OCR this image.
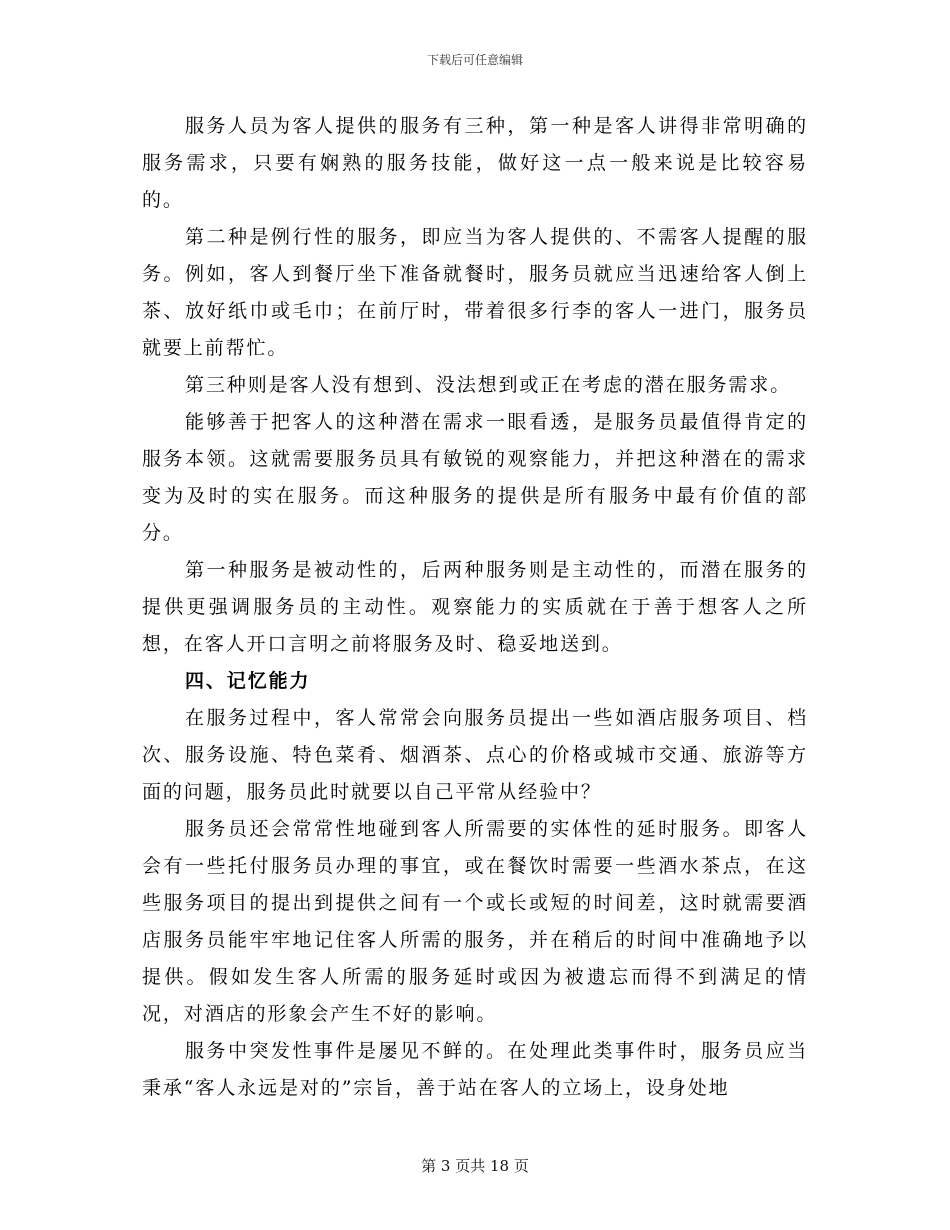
下载后可任意编辑

服务人员为客人提供的服务有三种，第一种是客人讲得非常明确的服务需求，只要有娴熟的服务技能，做好这一点一般来说是比较容易的。

第二种是例行性的服务，即应当为客人提供的、不需客人提醒的服务。例如，客人到餐厅坐下准备就餐时，服务员就应当迅速给客人倒上茶、放好纸巾或毛巾；在前厅时，带着很多行李的客人一进门，服务员就要上前帮忙。

第三种则是客人没有想到、没法想到或正在考虑的潜在服务需求。

能够善于把客人的这种潜在需求一眼看透，是服务员最值得肯定的服务本领。这就需要服务员具有敏锐的观察能力，并把这种潜在的需求变为及时的实在服务。而这种服务的提供是所有服务中最有价值的部分。

第一种服务是被动性的，后两种服务则是主动性的，而潜在服务的提供更强调服务员的主动性。观察能力的实质就在于善于想客人之所想，在客人开口言明之前将服务及时、稳妥地送到。

四、记忆能力

在服务过程中，客人常常会向服务员提出一些如酒店服务项目、档次、服务设施、特色菜肴、烟酒茶、点心的价格或城市交通、旅游等方面的问题，服务员此时就要以自己平常从经验中？

服务员还会常常性地碰到客人所需要的实体性的延时服务。即客人会有一些托付服务员办理的事宜，或在餐饮时需要一些酒水茶点，在这些服务项目的提出到提供之间有一个或长或短的时间差，这时就需要酒店服务员能牢牢地记住客人所需的服务，并在稍后的时间中准确地予以提供。假如发生客人所需的服务延时或因为被遗忘而得不到满足的情况，对酒店的形象会产生不好的影响。

服务中突发性事件是屡见不鲜的。在处理此类事件时，服务员应当秉承“客人永远是对的”宗旨，善于站在客人的立场上，设身处地

第 3 页共 18 页
